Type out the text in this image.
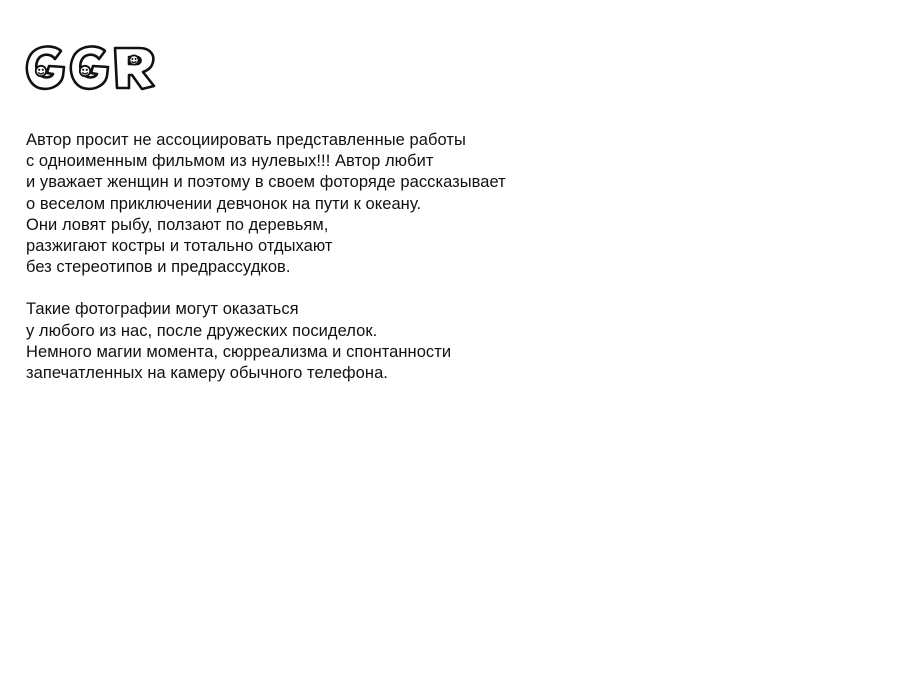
Автор просит не ассоциировать представленные работы

с одноименным фильмом из нулевых!!! Автор любит

и уважает женщин и поэтому в своем фоторяде рассказывает

о веселом приключении девчонок на пути к океану.

Они ловят рыбу, ползают по деревьям,

разжигают костры и тотально отдыхают

без стереотипов и предрассудков.

Такие фотографии могут оказаться

у любого из нас, после дружеских посиделок.

Немного магии момента, сюрреализма и спонтанности

запечатленных на камеру обычного телефона.
